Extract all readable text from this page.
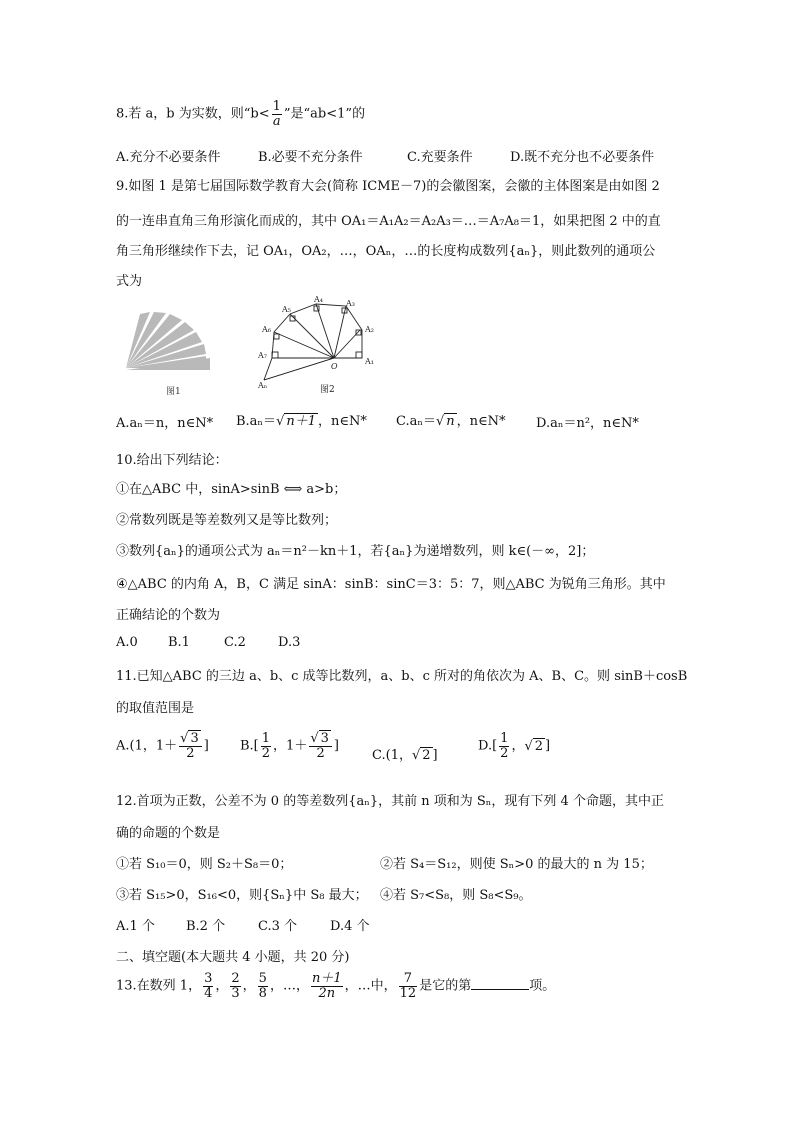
8.若 a，b 为实数，则“$b< \frac{1}{a}$ ”是“ab<1”的
A.充分不必要条件	B.必要不充分条件	C.充要条件	D.既不充分也不必要条件
9.如图 1 是第七届国际数学教育大会(简称 ICME－7)的会徽图案，会徽的主体图案是由如图 2
的一连串直角三角形演化而成的，其中 OA₁＝A₁A₂＝A₂A₃＝…＝A₇A₈＝1，如果把图 2 中的直
角三角形继续作下去，记 OA₁，OA₂，…，OAₙ，…的长度构成数列{aₙ}，则此数列的通项公
式为
图1
O
A₁
A₂
A₃
A₄
A₅
A₆
A₇
Aₙ	图2
A.aₙ＝n，n∈N* B.aₙ＝√ n＋1 ，n∈N* C.aₙ＝√ n ，n∈N* D.aₙ＝n²，n∈N*
10.给出下列结论：
①在△ABC 中，sinA>sinB ⟺ a>b；
②常数列既是等差数列又是等比数列；
③数列{aₙ}的通项公式为 aₙ＝n²－kn＋1，若{aₙ}为递增数列，则 k∈(－∞，2]；
④△ABC 的内角 A，B，C 满足 sinA：sinB：sinC＝3：5：7，则△ABC 为锐角三角形。其中
正确结论的个数为
A.0 B.1	C.2 D.3
11.已知△ABC 的三边 a、b、c 成等比数列，a、b、c 所对的角依次为 A、B、C。则 sinB＋cosB
的取值范围是
A.(1，$1+ \frac{√ 3}{2}$ ] $B.[ \frac{1}{2}$ ，$1+ \frac{√ 3}{2}$ ]
C.(1，√ 2 ]
$D.[ \frac{1}{2}$ ，√ 2 ]
12.首项为正数，公差不为 0 的等差数列{aₙ}，其前 n 项和为 Sₙ，现有下列 4 个命题，其中正
确的命题的个数是
①若 S₁₀＝0，则 S₂＋S₈＝0；	②若 S₄＝S₁₂，则使 Sₙ>0 的最大的 n 为 15；
③若 S₁₅>0，S₁₆<0，则{Sₙ}中 S₈ 最大； ④若 S₇<S₈，则 S₈<S₉。
A.1 个 B.2 个	C.3 个	D.4 个
二、填空题(本大题共 4 小题，共 20 分)
13.在数列 1， $\frac{3}{4}$ ， $\frac{2}{3}$ ， $\frac{5}{8}$ ，…， $\frac{n+1}{2n}$ ，…中， $\frac{7}{12}$ 是它的第	项。
